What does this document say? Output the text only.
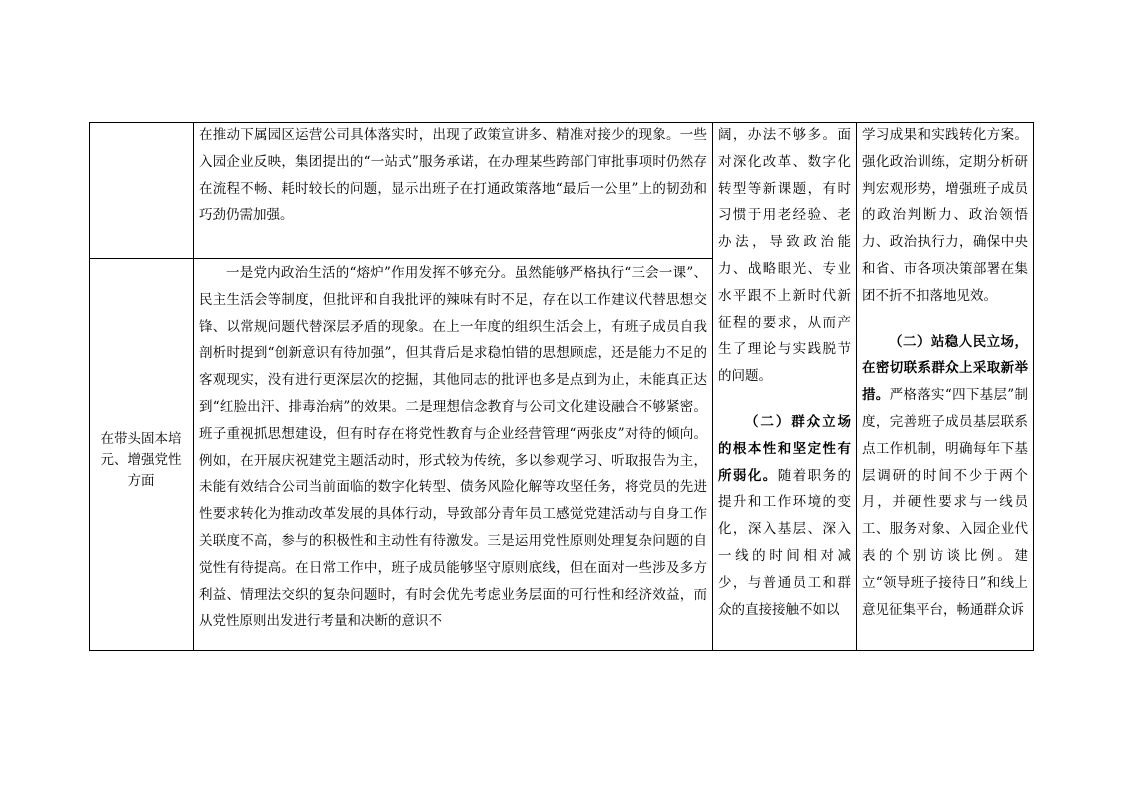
在推动下属园区运营公司具体落实时，出现了政策宣讲多、精准对接少的现象。一些入园企业反映，集团提出的“一站式”服务承诺，在办理某些跨部门审批事项时仍然存在流程不畅、耗时较长的问题，显示出班子在打通政策落地“最后一公里”上的韧劲和巧劲仍需加强。
在带头固本培元、增强党性方面
一是党内政治生活的“熔炉”作用发挥不够充分。虽然能够严格执行“三会一课”、民主生活会等制度，但批评和自我批评的辣味有时不足，存在以工作建议代替思想交锋、以常规问题代替深层矛盾的现象。在上一年度的组织生活会上，有班子成员自我剖析时提到“创新意识有待加强”，但其背后是求稳怕错的思想顾虑，还是能力不足的客观现实，没有进行更深层次的挖掘，其他同志的批评也多是点到为止，未能真正达到“红脸出汗、排毒治病”的效果。二是理想信念教育与公司文化建设融合不够紧密。班子重视抓思想建设，但有时存在将党性教育与企业经营管理“两张皮”对待的倾向。例如，在开展庆祝建党主题活动时，形式较为传统，多以参观学习、听取报告为主，未能有效结合公司当前面临的数字化转型、债务风险化解等攻坚任务，将党员的先进性要求转化为推动改革发展的具体行动，导致部分青年员工感觉党建活动与自身工作关联度不高，参与的积极性和主动性有待激发。三是运用党性原则处理复杂问题的自觉性有待提高。在日常工作中，班子成员能够坚守原则底线，但在面对一些涉及多方利益、情理法交织的复杂问题时，有时会优先考虑业务层面的可行性和经济效益，而从党性原则出发进行考量和决断的意识不
阔，办法不够多。面对深化改革、数字化转型等新课题，有时习惯于用老经验、老办法，导致政治能力、战略眼光、专业水平跟不上新时代新征程的要求，从而产生了理论与实践脱节的问题。
（二）群众立场的根本性和坚定性有所弱化。随着职务的提升和工作环境的变化，深入基层、深入一线的时间相对减少，与普通员工和群众的直接接触不如以
学习成果和实践转化方案。强化政治训练，定期分析研判宏观形势，增强班子成员的政治判断力、政治领悟力、政治执行力，确保中央和省、市各项决策部署在集团不折不扣落地见效。
（二）站稳人民立场，在密切联系群众上采取新举措。严格落实“四下基层”制度，完善班子成员基层联系点工作机制，明确每年下基层调研的时间不少于两个月，并硬性要求与一线员工、服务对象、入园企业代表的个别访谈比例。建立“领导班子接待日”和线上意见征集平台，畅通群众诉
